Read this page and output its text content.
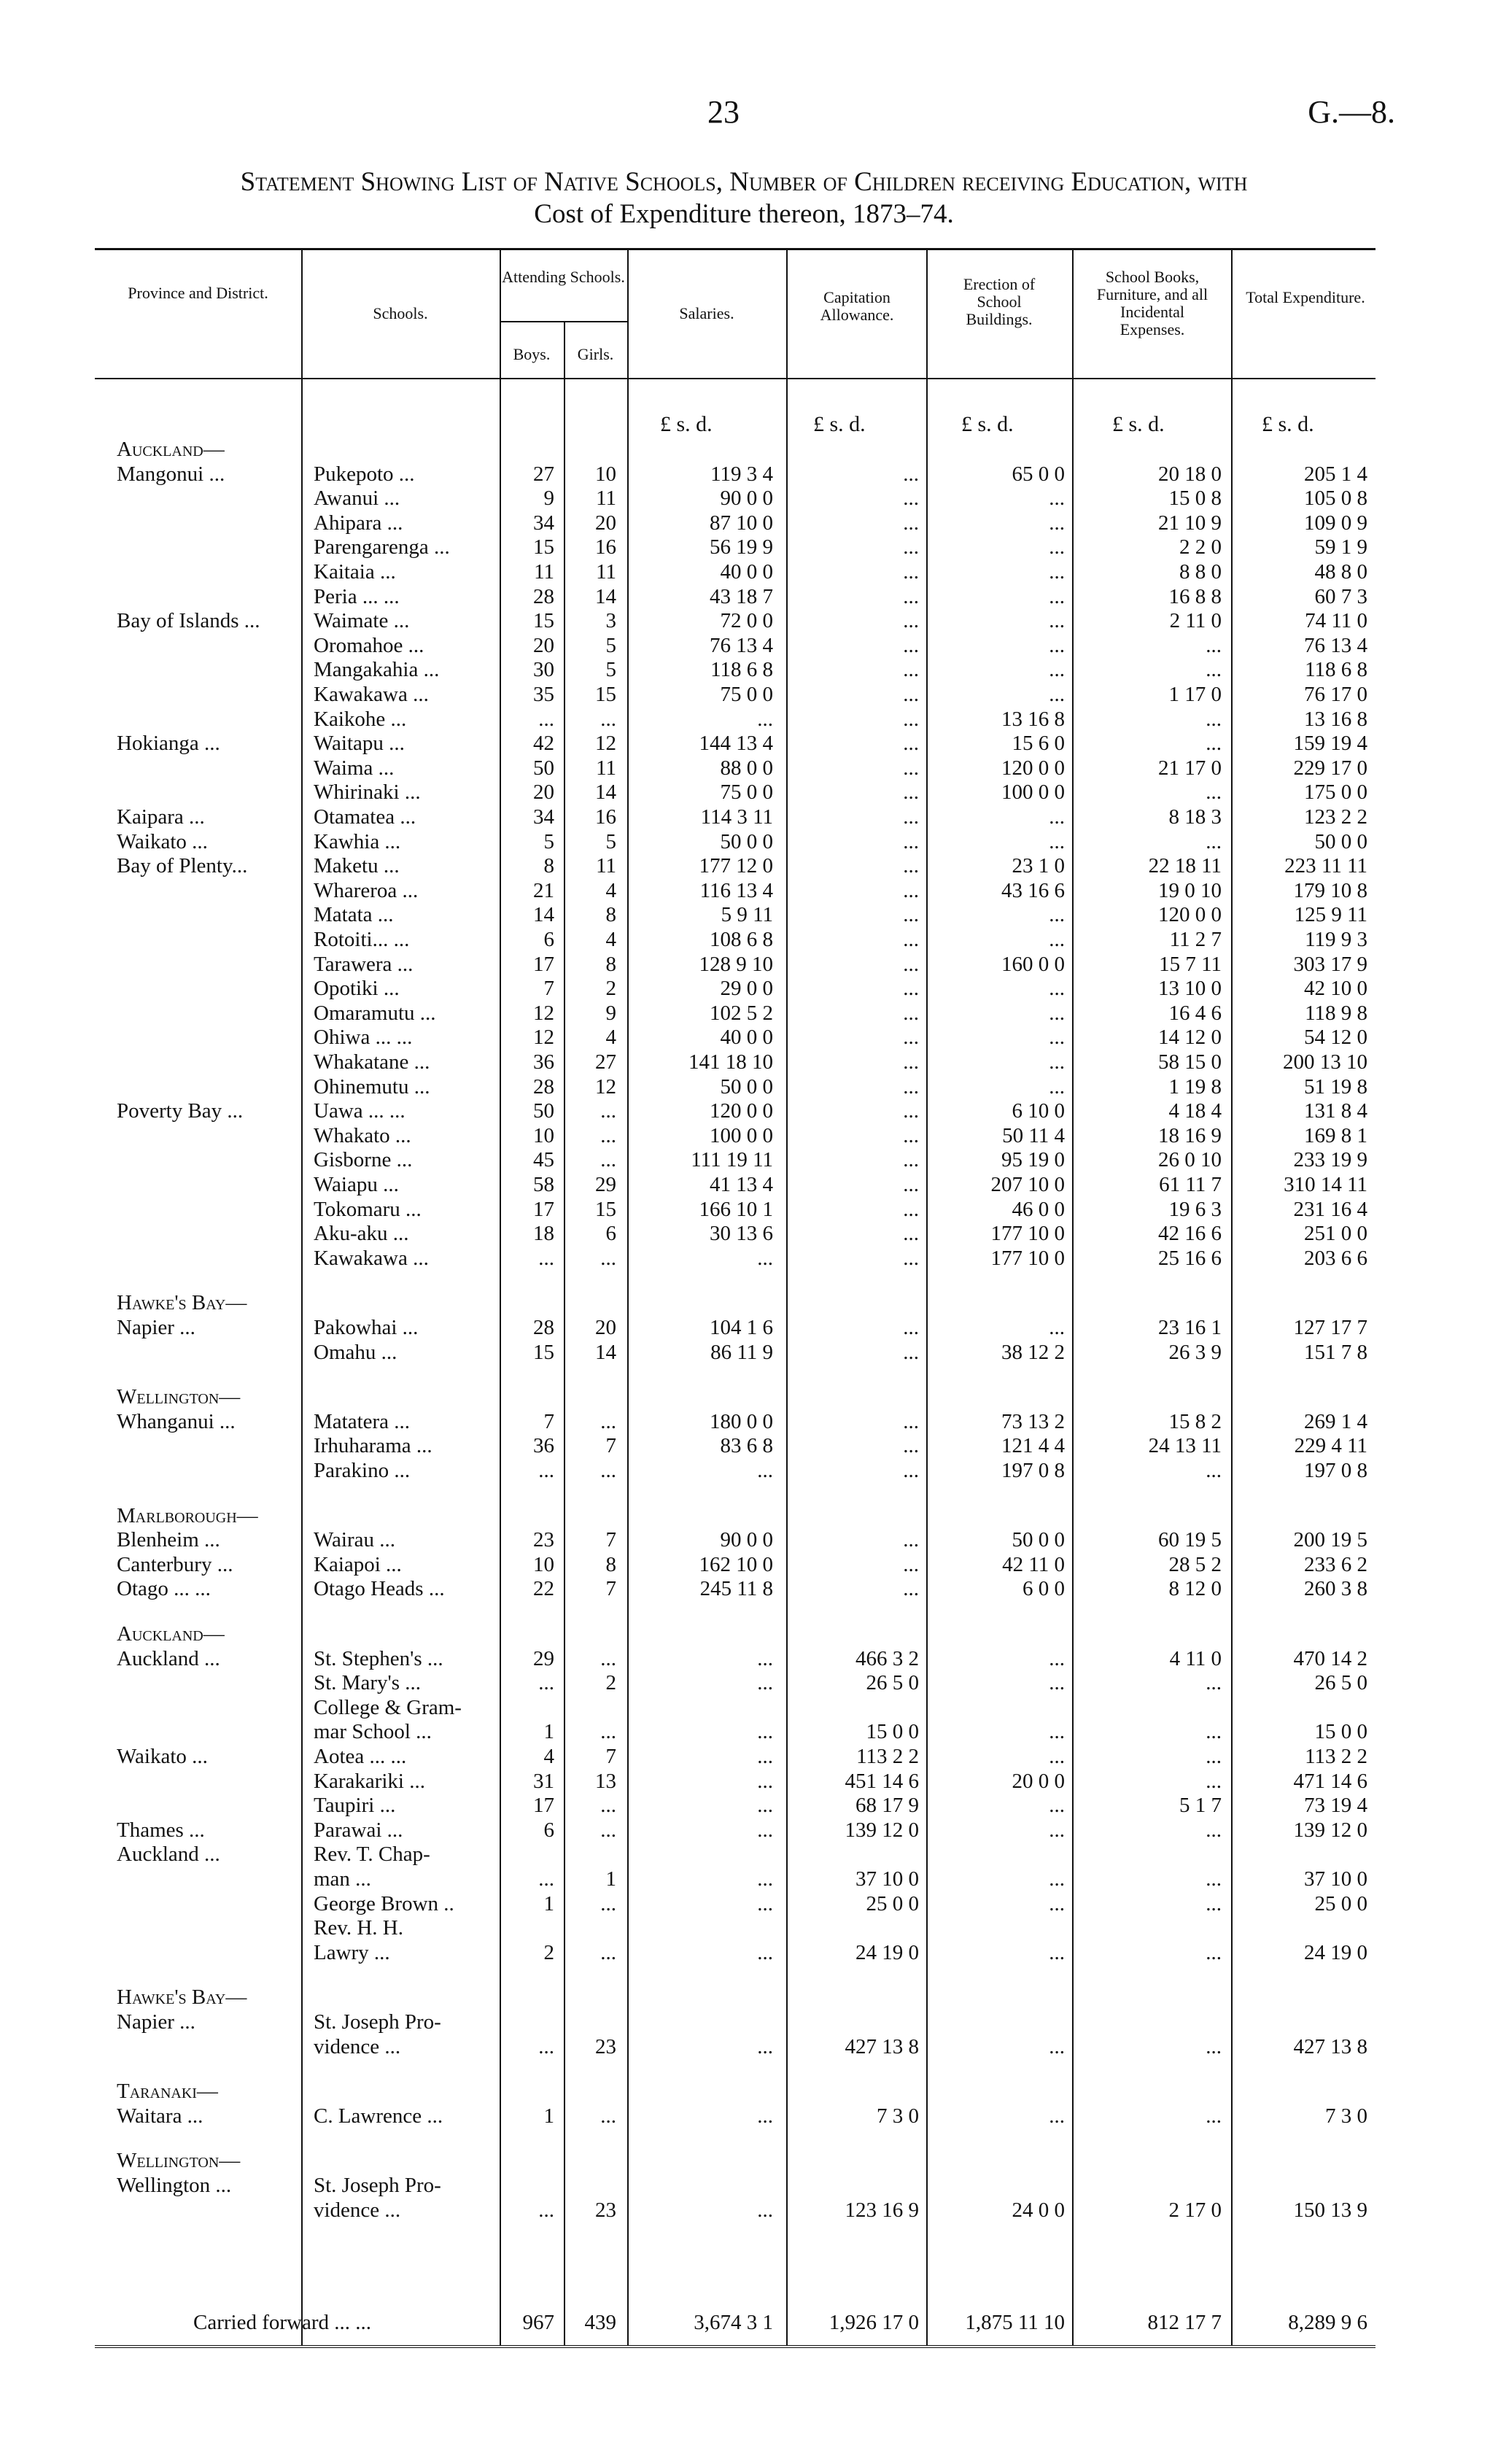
23	G.—8.
Statement Showing List of Native Schools, Number of Children receiving Education, with
Cost of Expenditure thereon, 1873–74.
Province and District.
Schools.
Attending Schools.
Boys.	Girls.
Salaries.
Capitation Allowance.
Erection of School Buildings.
School Books, Furniture, and all Incidental Expenses.
Total Expenditure.
£ s. d.	£ s. d.	£ s. d.	£ s. d.	£ s. d.
Auckland—
Mangonui ...	Pukepoto ...	27	10	119 3 4	...	65 0 0	20 18 0	205 1 4
Awanui ...	9	11	90 0 0	...	...	15 0 8	105 0 8
Ahipara ...	34	20	87 10 0	...	...	21 10 9	109 0 9
Parengarenga ...	15	16	56 19 9	...	...	2 2 0	59 1 9
Kaitaia ...	11	11	40 0 0	...	...	8 8 0	48 8 0
Peria ... ...	28	14	43 18 7	...	...	16 8 8	60 7 3
Bay of Islands ...	Waimate ...	15	3	72 0 0	...	...	2 11 0	74 11 0
Oromahoe ...	20	5	76 13 4	...	...	...	76 13 4
Mangakahia ...	30	5	118 6 8	...	...	...	118 6 8
Kawakawa ...	35	15	75 0 0	...	...	1 17 0	76 17 0
Kaikohe ...	...	...	...	...	13 16 8	...	13 16 8
Hokianga ...	Waitapu ...	42	12	144 13 4	...	15 6 0	...	159 19 4
Waima ...	50	11	88 0 0	...	120 0 0	21 17 0	229 17 0
Whirinaki ...	20	14	75 0 0	...	100 0 0	...	175 0 0
Kaipara ...	Otamatea ...	34	16	114 3 11	...	...	8 18 3	123 2 2
Waikato ...	Kawhia ...	5	5	50 0 0	...	...	...	50 0 0
Bay of Plenty...	Maketu ...	8	11	177 12 0	...	23 1 0	22 18 11	223 11 11
Whareroa ...	21	4	116 13 4	...	43 16 6	19 0 10	179 10 8
Matata ...	14	8	5 9 11	...	...	120 0 0	125 9 11
Rotoiti... ...	6	4	108 6 8	...	...	11 2 7	119 9 3
Tarawera ...	17	8	128 9 10	...	160 0 0	15 7 11	303 17 9
Opotiki ...	7	2	29 0 0	...	...	13 10 0	42 10 0
Omaramutu ...	12	9	102 5 2	...	...	16 4 6	118 9 8
Ohiwa ... ...	12	4	40 0 0	...	...	14 12 0	54 12 0
Whakatane ...	36	27	141 18 10	...	...	58 15 0	200 13 10
Ohinemutu ...	28	12	50 0 0	...	...	1 19 8	51 19 8
Poverty Bay ...	Uawa ... ...	50	...	120 0 0	...	6 10 0	4 18 4	131 8 4
Whakato ...	10	...	100 0 0	...	50 11 4	18 16 9	169 8 1
Gisborne ...	45	...	111 19 11	...	95 19 0	26 0 10	233 19 9
Waiapu ...	58	29	41 13 4	...	207 10 0	61 11 7	310 14 11
Tokomaru ...	17	15	166 10 1	...	46 0 0	19 6 3	231 16 4
Aku-aku ...	18	6	30 13 6	...	177 10 0	42 16 6	251 0 0
Kawakawa ...	...	...	...	...	177 10 0	25 16 6	203 6 6
Hawke's Bay—
Napier ...	Pakowhai ...	28	20	104 1 6	...	...	23 16 1	127 17 7
Omahu ...	15	14	86 11 9	...	38 12 2	26 3 9	151 7 8
Wellington—
Whanganui ...	Matatera ...	7	...	180 0 0	...	73 13 2	15 8 2	269 1 4
Irhuharama ...	36	7	83 6 8	...	121 4 4	24 13 11	229 4 11
Parakino ...	...	...	...	...	197 0 8	...	197 0 8
Marlborough—
Blenheim ...	Wairau ...	23	7	90 0 0	...	50 0 0	60 19 5	200 19 5
Canterbury ...	Kaiapoi ...	10	8	162 10 0	...	42 11 0	28 5 2	233 6 2
Otago ... ...	Otago Heads ...	22	7	245 11 8	...	6 0 0	8 12 0	260 3 8
Auckland—
Auckland ...	St. Stephen's ...	29	...	...	466 3 2	...	4 11 0	470 14 2
St. Mary's ...	...	2	...	26 5 0	...	...	26 5 0
College & Gram-
mar School ...	1	...	...	15 0 0	...	...	15 0 0
Waikato ...	Aotea ... ...	4	7	...	113 2 2	...	...	113 2 2
Karakariki ...	31	13	...	451 14 6	20 0 0	...	471 14 6
Taupiri ...	17	...	...	68 17 9	...	5 1 7	73 19 4
Thames ...	Parawai ...	6	...	...	139 12 0	...	...	139 12 0
Auckland ...	Rev. T. Chap-
man ...	...	1	...	37 10 0	...	...	37 10 0
George Brown ..	1	...	...	25 0 0	...	...	25 0 0
Rev. H. H.
Lawry ...	2	...	...	24 19 0	...	...	24 19 0
Hawke's Bay—
Napier ...	St. Joseph Pro-
vidence ...	...	23	...	427 13 8	...	...	427 13 8
Taranaki—
Waitara ...	C. Lawrence ...	1	...	...	7 3 0	...	...	7 3 0
Wellington—
Wellington ...	St. Joseph Pro-
vidence ...	...	23	...	123 16 9	24 0 0	2 17 0	150 13 9
Carried forward ... ...	967	439	3,674 3 1	1,926 17 0	1,875 11 10	812 17 7	8,289 9 6
